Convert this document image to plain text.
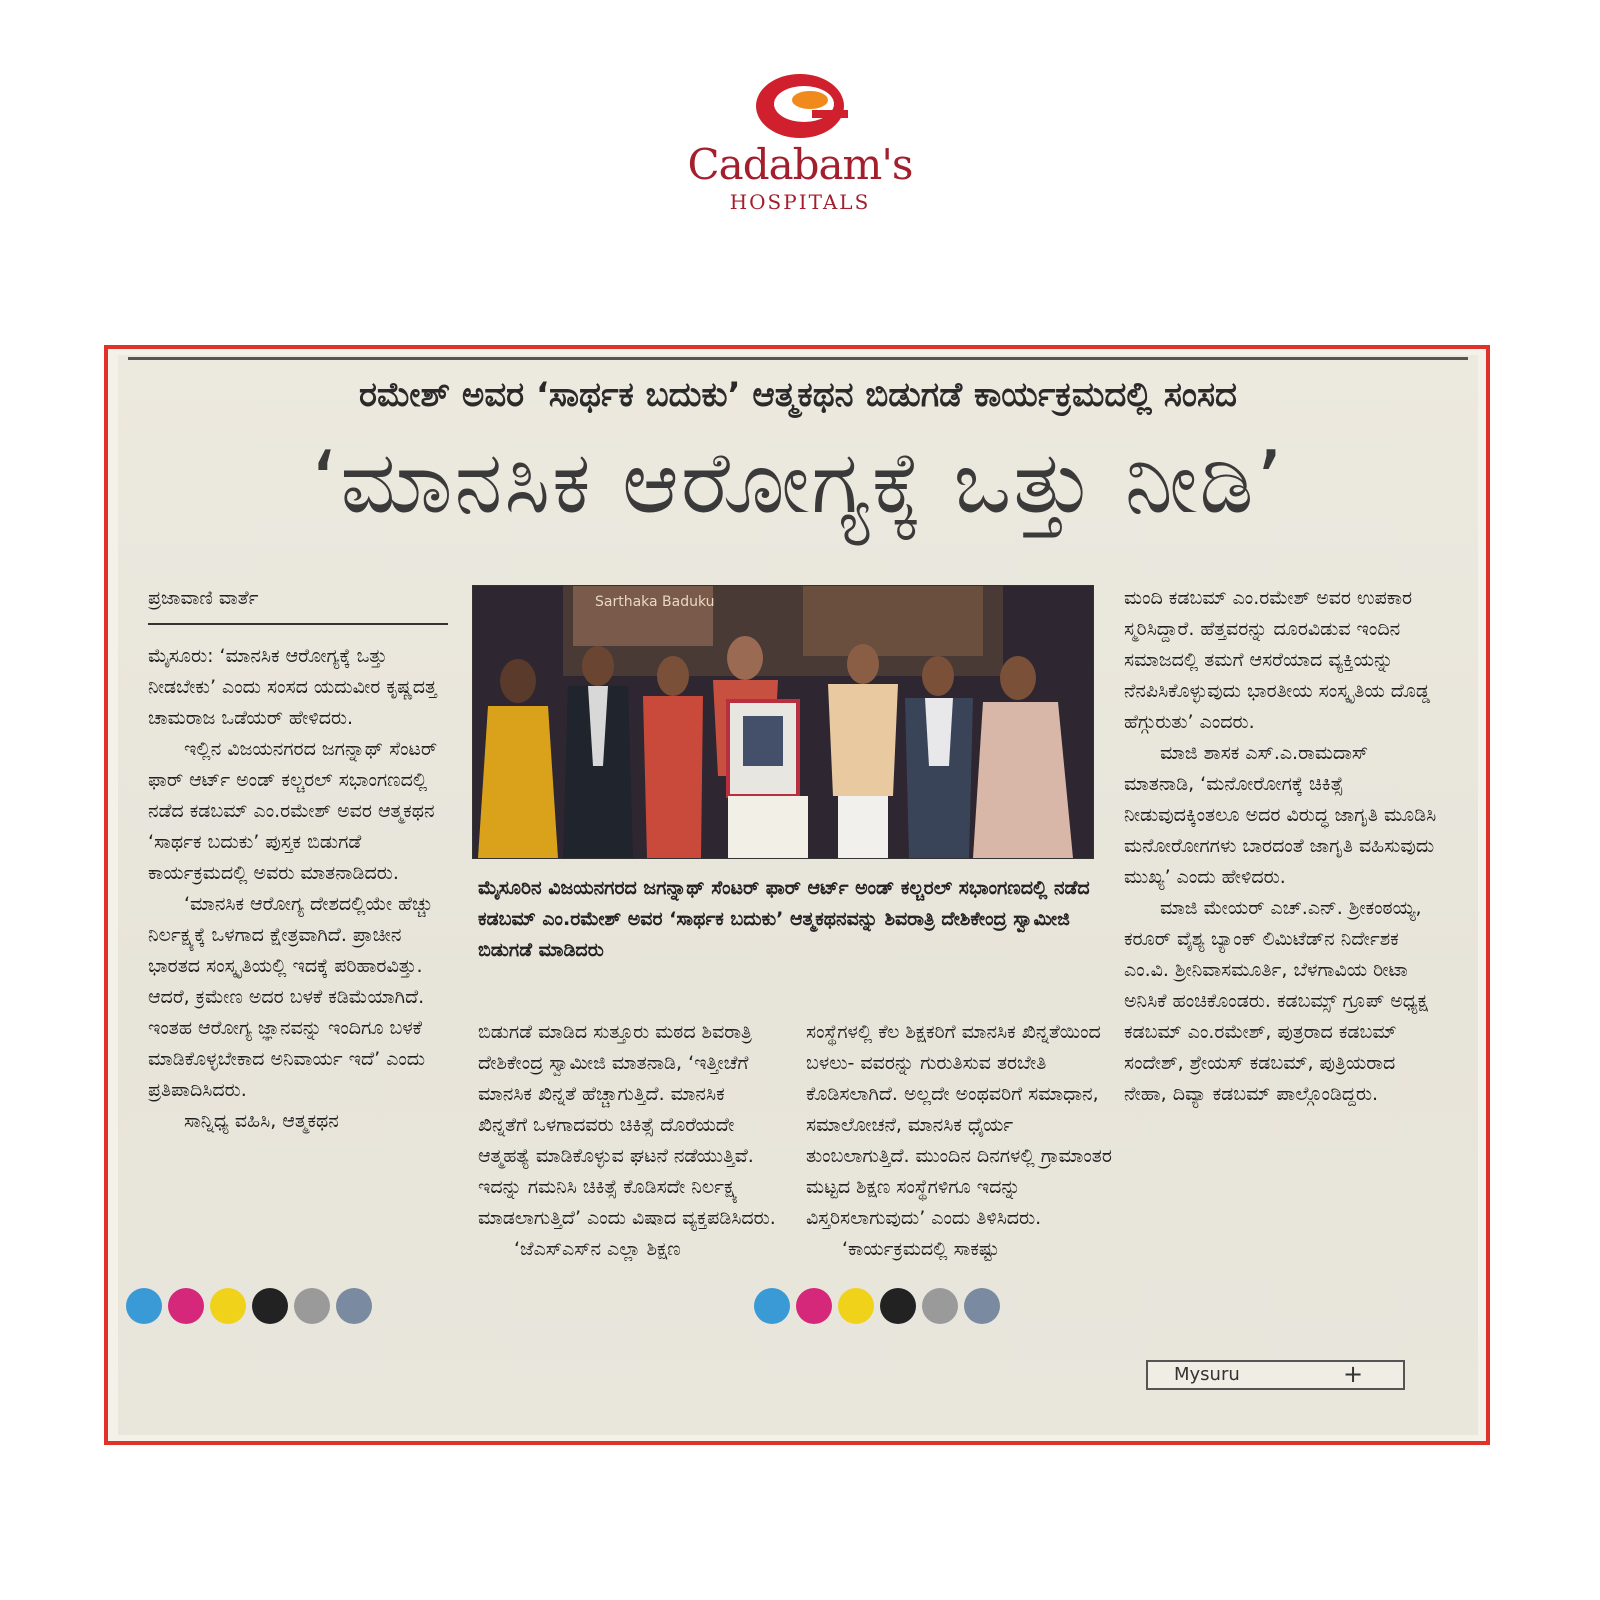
Cadabam's
HOSPITALS
ರಮೇಶ್ ಅವರ ‘ಸಾರ್ಥಕ ಬದುಕು’ ಆತ್ಮಕಥನ ಬಿಡುಗಡೆ ಕಾರ್ಯಕ್ರಮದಲ್ಲಿ ಸಂಸದ
‘ಮಾನಸಿಕ ಆರೋಗ್ಯಕ್ಕೆ ಒತ್ತು ನೀಡಿ’
ಪ್ರಜಾವಾಣಿ ವಾರ್ತೆ

ಮೈಸೂರು: ‘ಮಾನಸಿಕ ಆರೋಗ್ಯಕ್ಕೆ ಒತ್ತು ನೀಡಬೇಕು’ ಎಂದು ಸಂಸದ ಯದುವೀರ ಕೃಷ್ಣದತ್ತ ಚಾಮರಾಜ ಒಡೆಯರ್ ಹೇಳಿದರು.

ಇಲ್ಲಿನ ವಿಜಯನಗರದ ಜಗನ್ನಾಥ್ ಸೆಂಟರ್ ಫಾರ್ ಆರ್ಟ್ ಅಂಡ್ ಕಲ್ಚರಲ್ ಸಭಾಂಗಣದಲ್ಲಿ ನಡೆದ ಕಡಬಮ್ ಎಂ.ರಮೇಶ್ ಅವರ ಆತ್ಮಕಥನ ‘ಸಾರ್ಥಕ ಬದುಕು’ ಪುಸ್ತಕ ಬಿಡುಗಡೆ ಕಾರ್ಯಕ್ರಮದಲ್ಲಿ ಅವರು ಮಾತನಾಡಿದರು.

‘ಮಾನಸಿಕ ಆರೋಗ್ಯ ದೇಶದಲ್ಲಿಯೇ ಹೆಚ್ಚು ನಿರ್ಲಕ್ಷ್ಯಕ್ಕೆ ಒಳಗಾದ ಕ್ಷೇತ್ರವಾಗಿದೆ. ಪ್ರಾಚೀನ ಭಾರತದ ಸಂಸ್ಕೃತಿಯಲ್ಲಿ ಇದಕ್ಕೆ ಪರಿಹಾರವಿತ್ತು. ಆದರೆ, ಕ್ರಮೇಣ ಅದರ ಬಳಕೆ ಕಡಿಮೆಯಾಗಿದೆ. ಇಂತಹ ಆರೋಗ್ಯ ಜ್ಞಾನವನ್ನು ಇಂದಿಗೂ ಬಳಕೆ ಮಾಡಿಕೊಳ್ಳಬೇಕಾದ ಅನಿವಾರ್ಯ ಇದೆ’ ಎಂದು ಪ್ರತಿಪಾದಿಸಿದರು.

ಸಾನ್ನಿಧ್ಯ ವಹಿಸಿ, ಆತ್ಮಕಥನ

Sarthaka Baduku
ಮೈಸೂರಿನ ವಿಜಯನಗರದ ಜಗನ್ನಾಥ್ ಸೆಂಟರ್ ಫಾರ್ ಆರ್ಟ್ ಅಂಡ್ ಕಲ್ಚರಲ್ ಸಭಾಂಗಣದಲ್ಲಿ ನಡೆದ ಕಡಬಮ್ ಎಂ.ರಮೇಶ್ ಅವರ ‘ಸಾರ್ಥಕ ಬದುಕು’ ಆತ್ಮಕಥನವನ್ನು ಶಿವರಾತ್ರಿ ದೇಶಿಕೇಂದ್ರ ಸ್ವಾಮೀಜಿ ಬಿಡುಗಡೆ ಮಾಡಿದರು

ಬಿಡುಗಡೆ ಮಾಡಿದ ಸುತ್ತೂರು ಮಠದ ಶಿವರಾತ್ರಿ ದೇಶಿಕೇಂದ್ರ ಸ್ವಾಮೀಜಿ ಮಾತನಾಡಿ, ‘ಇತ್ತೀಚೆಗೆ ಮಾನಸಿಕ ಖಿನ್ನತೆ ಹೆಚ್ಚಾಗುತ್ತಿದೆ. ಮಾನಸಿಕ ಖಿನ್ನತೆಗೆ ಒಳಗಾದವರು ಚಿಕಿತ್ಸೆ ದೊರೆಯದೇ ಆತ್ಮಹತ್ಯೆ ಮಾಡಿಕೊಳ್ಳುವ ಘಟನೆ ನಡೆಯುತ್ತಿವೆ. ಇದನ್ನು ಗಮನಿಸಿ ಚಿಕಿತ್ಸೆ ಕೊಡಿಸದೇ ನಿರ್ಲಕ್ಷ್ಯ ಮಾಡಲಾಗುತ್ತಿದೆ’ ಎಂದು ವಿಷಾದ ವ್ಯಕ್ತಪಡಿಸಿದರು.

‘ಜೆಎಸ್‌ಎಸ್‌ನ ಎಲ್ಲಾ ಶಿಕ್ಷಣ

ಸಂಸ್ಥೆಗಳಲ್ಲಿ ಕೆಲ ಶಿಕ್ಷಕರಿಗೆ ಮಾನಸಿಕ ಖಿನ್ನತೆಯಿಂದ ಬಳಲು- ವವರನ್ನು ಗುರುತಿಸುವ ತರಬೇತಿ ಕೊಡಿಸಲಾಗಿದೆ. ಅಲ್ಲದೇ ಅಂಥವರಿಗೆ ಸಮಾಧಾನ, ಸಮಾಲೋಚನೆ, ಮಾನಸಿಕ ಧೈರ್ಯ ತುಂಬಲಾಗುತ್ತಿದೆ. ಮುಂದಿನ ದಿನಗಳಲ್ಲಿ ಗ್ರಾಮಾಂತರ ಮಟ್ಟದ ಶಿಕ್ಷಣ ಸಂಸ್ಥೆಗಳಿಗೂ ಇದನ್ನು ವಿಸ್ತರಿಸಲಾಗುವುದು’ ಎಂದು ತಿಳಿಸಿದರು.

‘ಕಾರ್ಯಕ್ರಮದಲ್ಲಿ ಸಾಕಷ್ಟು

ಮಂದಿ ಕಡಬಮ್ ಎಂ.ರಮೇಶ್ ಅವರ ಉಪಕಾರ ಸ್ಮರಿಸಿದ್ದಾರೆ. ಹೆತ್ತವರನ್ನು ದೂರವಿಡುವ ಇಂದಿನ ಸಮಾಜದಲ್ಲಿ ತಮಗೆ ಆಸರೆಯಾದ ವ್ಯಕ್ತಿಯನ್ನು ನೆನಪಿಸಿಕೊಳ್ಳುವುದು ಭಾರತೀಯ ಸಂಸ್ಕೃತಿಯ ದೊಡ್ಡ ಹೆಗ್ಗುರುತು’ ಎಂದರು.

ಮಾಜಿ ಶಾಸಕ ಎಸ್.ಎ.ರಾಮದಾಸ್ ಮಾತನಾಡಿ, ‘ಮನೋರೋಗಕ್ಕೆ ಚಿಕಿತ್ಸೆ ನೀಡುವುದಕ್ಕಿಂತಲೂ ಅದರ ವಿರುದ್ಧ ಜಾಗೃತಿ ಮೂಡಿಸಿ ಮನೋರೋಗಗಳು ಬಾರದಂತೆ ಜಾಗೃತಿ ವಹಿಸುವುದು ಮುಖ್ಯ’ ಎಂದು ಹೇಳಿದರು.

ಮಾಜಿ ಮೇಯರ್ ಎಚ್.ಎನ್. ಶ್ರೀಕಂಠಯ್ಯ, ಕರೂರ್ ವೈಶ್ಯ ಬ್ಯಾಂಕ್ ಲಿಮಿಟೆಡ್‌ನ ನಿರ್ದೇಶಕ ಎಂ.ವಿ. ಶ್ರೀನಿವಾಸಮೂರ್ತಿ, ಬೆಳಗಾವಿಯ ರೀಟಾ ಅನಿಸಿಕೆ ಹಂಚಿಕೊಂಡರು. ಕಡಬಮ್ಸ್ ಗ್ರೂಪ್ ಅಧ್ಯಕ್ಷ ಕಡಬಮ್ ಎಂ.ರಮೇಶ್, ಪುತ್ರರಾದ ಕಡಬಮ್ ಸಂದೇಶ್, ಶ್ರೇಯಸ್ ಕಡಬಮ್, ಪುತ್ರಿಯರಾದ ನೇಹಾ, ದಿವ್ಯಾ ಕಡಬಮ್ ಪಾಲ್ಗೊಂಡಿದ್ದರು.

Mysuru	+
